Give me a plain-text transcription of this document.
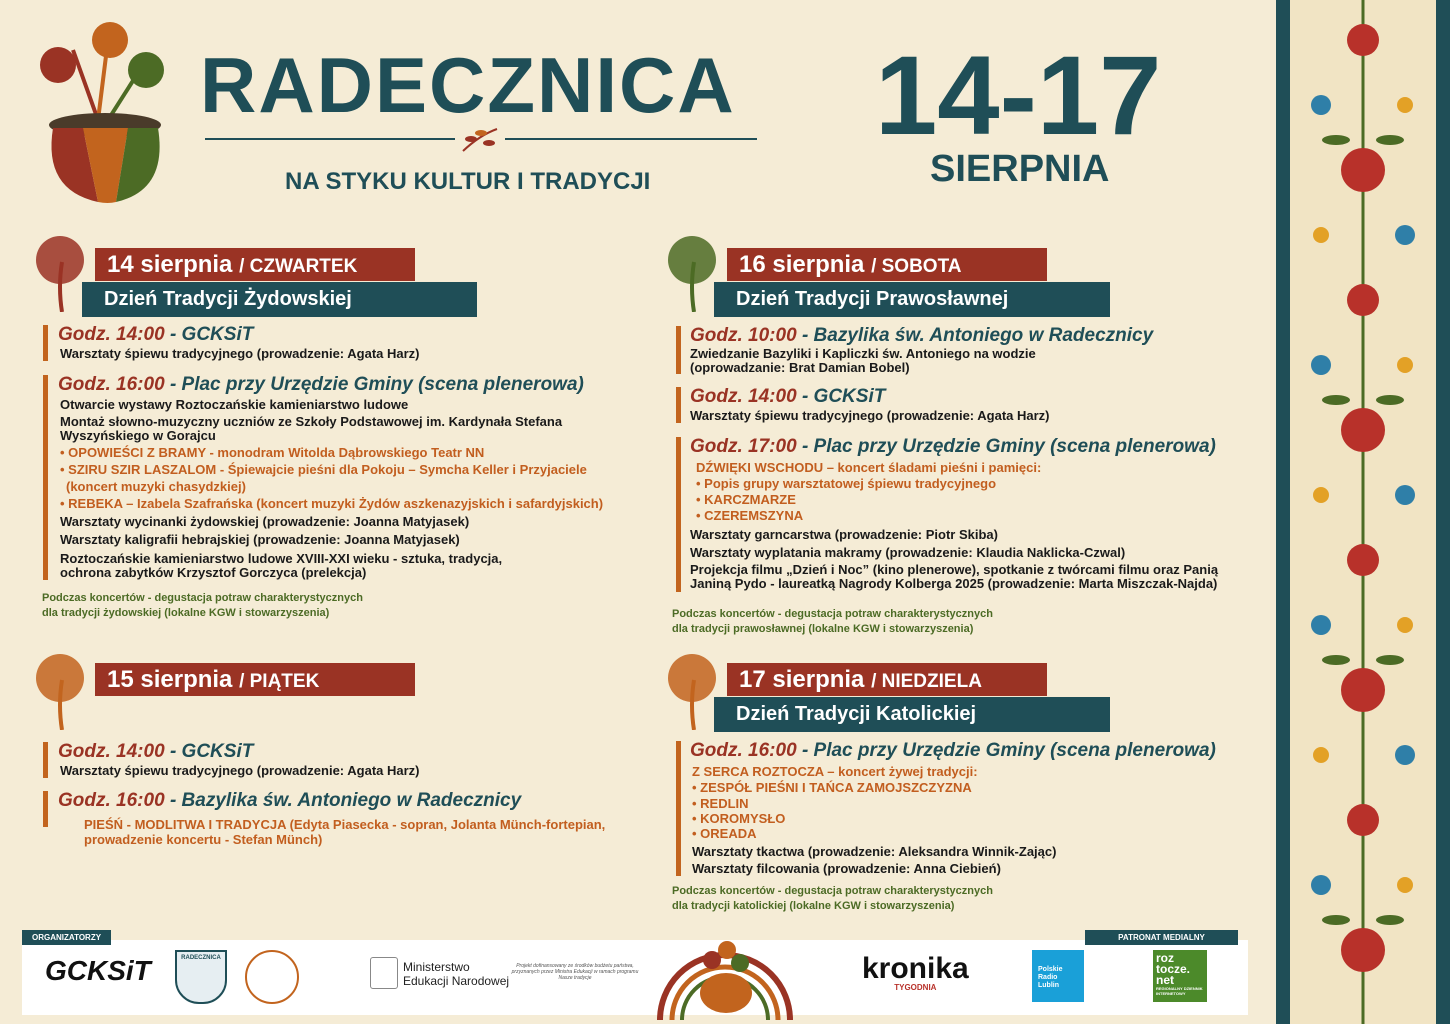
RADECZNICA
NA STYKU KULTUR I TRADYCJI
14-17
SIERPNIA
14 sierpnia / CZWARTEK
Dzień Tradycji Żydowskiej
Godz. 14:00 - GCKSiT
Warsztaty śpiewu tradycyjnego (prowadzenie: Agata Harz)
Godz. 16:00 - Plac przy Urzędzie Gminy (scena plenerowa)
Otwarcie wystawy Roztoczańskie kamieniarstwo ludowe
Montaż słowno-muzyczny uczniów ze Szkoły Podstawowej im. Kardynała Stefana
Wyszyńskiego w Gorajcu
• OPOWIEŚCI Z BRAMY - monodram Witolda Dąbrowskiego Teatr NN
• SZIRU SZIR LASZALOM - Śpiewajcie pieśni dla Pokoju – Symcha Keller i Przyjaciele
(koncert muzyki chasydzkiej)
• REBEKA – Izabela Szafrańska (koncert muzyki Żydów aszkenazyjskich i safardyjskich)
Warsztaty wycinanki żydowskiej (prowadzenie: Joanna Matyjasek)
Warsztaty kaligrafii hebrajskiej (prowadzenie: Joanna Matyjasek)
Roztoczańskie kamieniarstwo ludowe XVIII-XXI wieku - sztuka, tradycja,
ochrona zabytków Krzysztof Gorczyca (prelekcja)
Podczas koncertów - degustacja potraw charakterystycznych
dla tradycji żydowskiej (lokalne KGW i stowarzyszenia)
15 sierpnia / PIĄTEK
Godz. 14:00 - GCKSiT
Warsztaty śpiewu tradycyjnego (prowadzenie: Agata Harz)
Godz. 16:00 - Bazylika św. Antoniego w Radecznicy
PIEŚŃ - MODLITWA I TRADYCJA (Edyta Piasecka - sopran, Jolanta Münch-fortepian,
prowadzenie koncertu - Stefan Münch)
16 sierpnia / SOBOTA
Dzień Tradycji Prawosławnej
Godz. 10:00 - Bazylika św. Antoniego w Radecznicy
Zwiedzanie Bazyliki i Kapliczki św. Antoniego na wodzie
(oprowadzanie: Brat Damian Bobel)
Godz. 14:00 - GCKSiT
Warsztaty śpiewu tradycyjnego (prowadzenie: Agata Harz)
Godz. 17:00 - Plac przy Urzędzie Gminy (scena plenerowa)
DŹWIĘKI WSCHODU – koncert śladami pieśni i pamięci:
• Popis grupy warsztatowej śpiewu tradycyjnego
• KARCZMARZE
• CZEREMSZYNA
Warsztaty garncarstwa (prowadzenie: Piotr Skiba)
Warsztaty wyplatania makramy (prowadzenie: Klaudia Naklicka-Czwal)
Projekcja filmu „Dzień i Noc” (kino plenerowe), spotkanie z twórcami filmu oraz Panią
Janiną Pydo - laureatką Nagrody Kolberga 2025 (prowadzenie: Marta Miszczak-Najda)
Podczas koncertów - degustacja potraw charakterystycznych
dla tradycji prawosławnej (lokalne KGW i stowarzyszenia)
17 sierpnia / NIEDZIELA
Dzień Tradycji Katolickiej
Godz. 16:00 - Plac przy Urzędzie Gminy (scena plenerowa)
Z SERCA ROZTOCZA – koncert żywej tradycji:
• ZESPÓŁ PIEŚNI I TAŃCA ZAMOJSZCZYZNA
• REDLIN
• KOROMYSŁO
• OREADA
Warsztaty tkactwa (prowadzenie: Aleksandra Winnik-Zając)
Warsztaty filcowania (prowadzenie: Anna Ciebień)
Podczas koncertów - degustacja potraw charakterystycznych
dla tradycji katolickiej (lokalne KGW i stowarzyszenia)
ORGANIZATORZY	PATRONAT MEDIALNY
GCKSiT	RADECZNICA
Ministerstwo
Edukacji Narodowej
Projekt dofinansowany ze środków budżetu państwa, przyznanych przez Ministra Edukacji w ramach programu Nasze tradycje	kronika
TYGODNIA
Polskie
Radio
Lublin
roz
tocze.
net
REGIONALNY DZIENNIK INTERNETOWY
